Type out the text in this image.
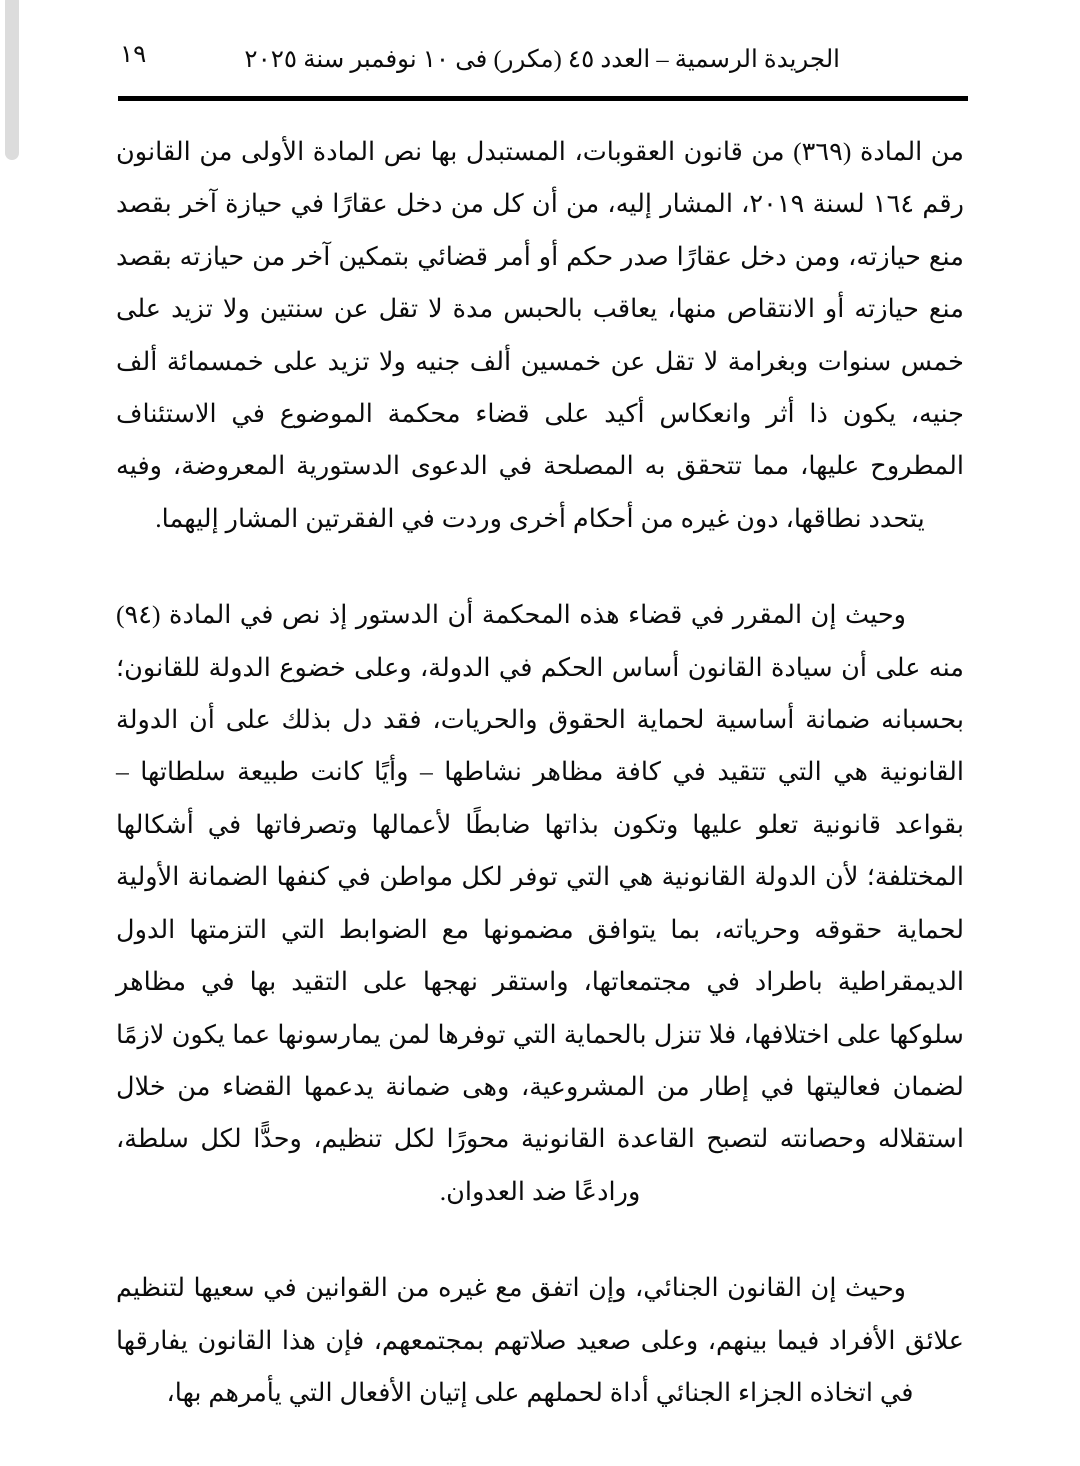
١٩	الجريدة الرسمية – العدد ٤٥ (مكرر) فى ١٠ نوفمبر سنة ٢٠٢٥

من المادة (٣٦٩) من قانون العقوبات، المستبدل بها نص المادة الأولى من القانون رقم ١٦٤ لسنة ٢٠١٩، المشار إليه، من أن كل من دخل عقارًا في حيازة آخر بقصد منع حيازته، ومن دخل عقارًا صدر حكم أو أمر قضائي بتمكين آخر من حيازته بقصد منع حيازته أو الانتقاص منها، يعاقب بالحبس مدة لا تقل عن سنتين ولا تزيد على خمس سنوات وبغرامة لا تقل عن خمسين ألف جنيه ولا تزيد على خمسمائة ألف جنيه، يكون ذا أثر وانعكاس أكيد على قضاء محكمة الموضوع في الاستئناف المطروح عليها، مما تتحقق به المصلحة في الدعوى الدستورية المعروضة، وفيه يتحدد نطاقها، دون غيره من أحكام أخرى وردت في الفقرتين المشار إليهما.

وحيث إن المقرر في قضاء هذه المحكمة أن الدستور إذ نص في المادة (٩٤) منه على أن سيادة القانون أساس الحكم في الدولة، وعلى خضوع الدولة للقانون؛ بحسبانه ضمانة أساسية لحماية الحقوق والحريات، فقد دل بذلك على أن الدولة القانونية هي التي تتقيد في كافة مظاهر نشاطها – وأيًا كانت طبيعة سلطاتها – بقواعد قانونية تعلو عليها وتكون بذاتها ضابطًا لأعمالها وتصرفاتها في أشكالها المختلفة؛ لأن الدولة القانونية هي التي توفر لكل مواطن في كنفها الضمانة الأولية لحماية حقوقه وحرياته، بما يتوافق مضمونها مع الضوابط التي التزمتها الدول الديمقراطية باطراد في مجتمعاتها، واستقر نهجها على التقيد بها في مظاهر سلوكها على اختلافها، فلا تنزل بالحماية التي توفرها لمن يمارسونها عما يكون لازمًا لضمان فعاليتها في إطار من المشروعية، وهى ضمانة يدعمها القضاء من خلال استقلاله وحصانته لتصبح القاعدة القانونية محورًا لكل تنظيم، وحدًّا لكل سلطة، ورادعًا ضد العدوان.

وحيث إن القانون الجنائي، وإن اتفق مع غيره من القوانين في سعيها لتنظيم علائق الأفراد فيما بينهم، وعلى صعيد صلاتهم بمجتمعهم، فإن هذا القانون يفارقها في اتخاذه الجزاء الجنائي أداة لحملهم على إتيان الأفعال التي يأمرهم بها،
